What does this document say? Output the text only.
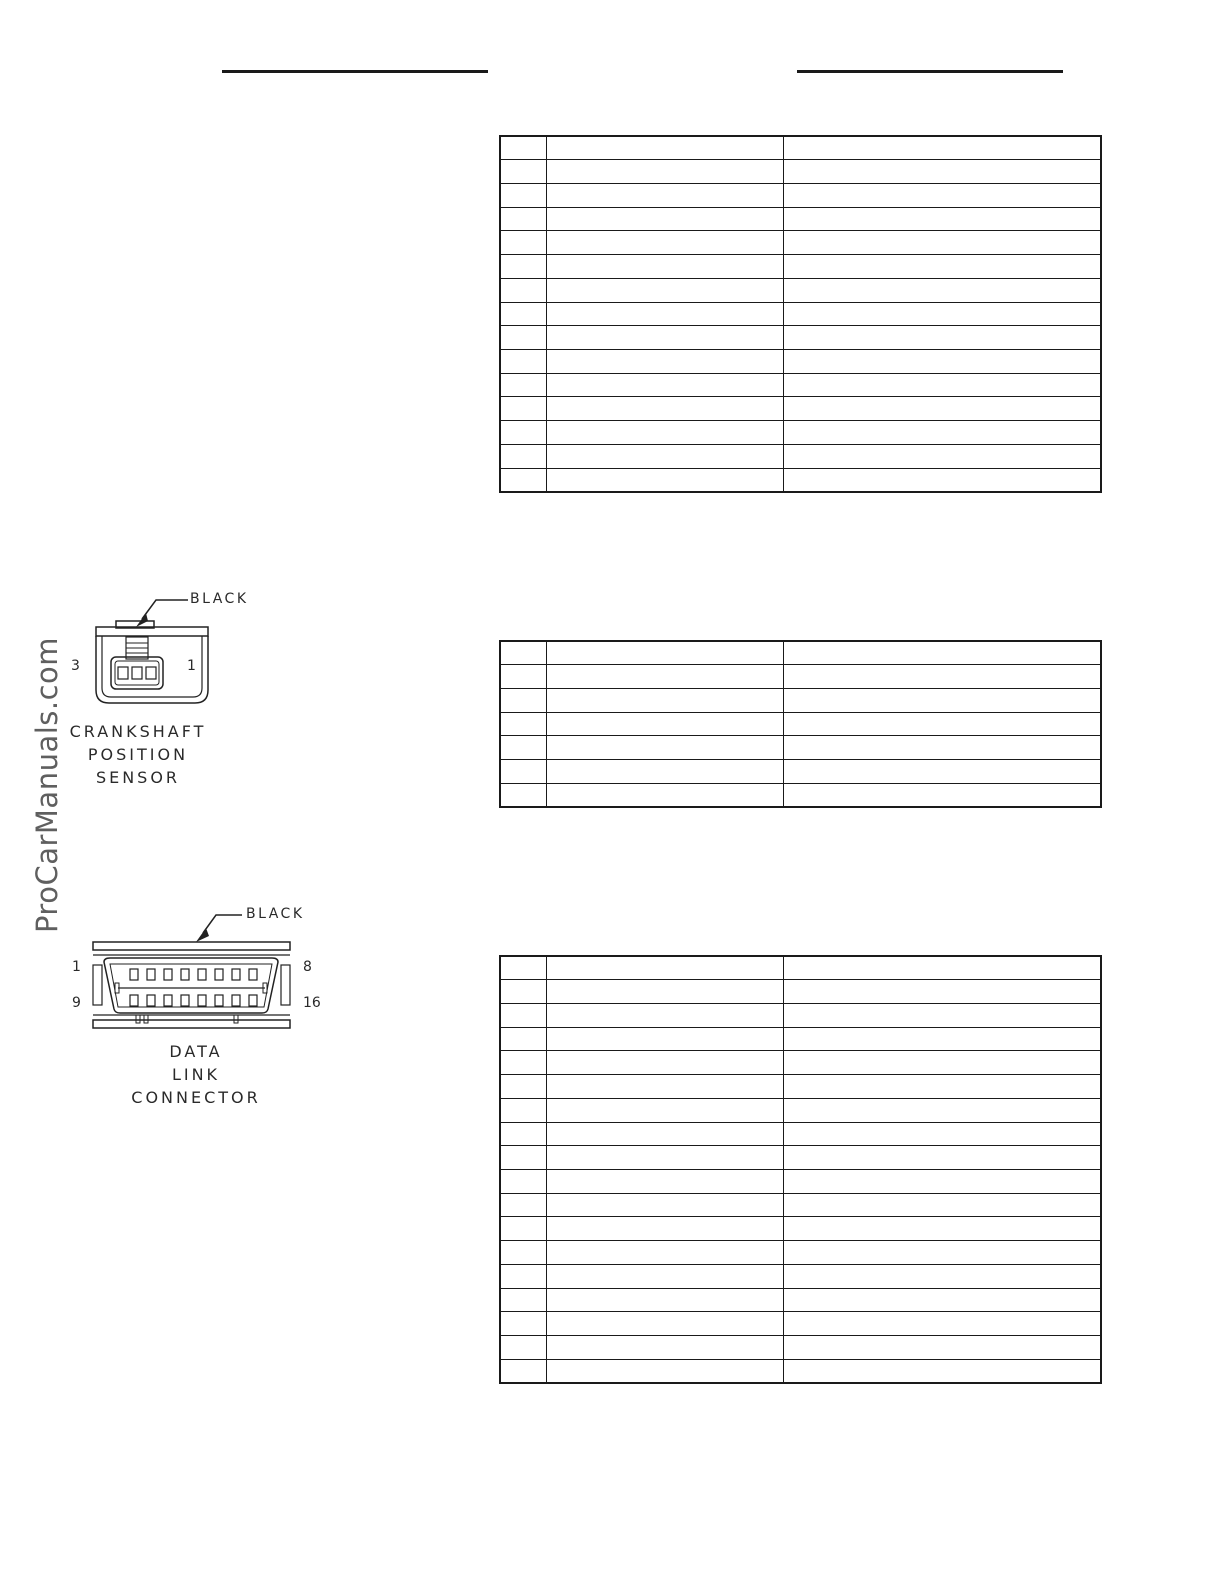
ProCarManuals.com

BLACK
3	1
CRANKSHAFT
POSITION
SENSOR
BLACK
1	8
9	16
DATA
LINK
CONNECTOR
